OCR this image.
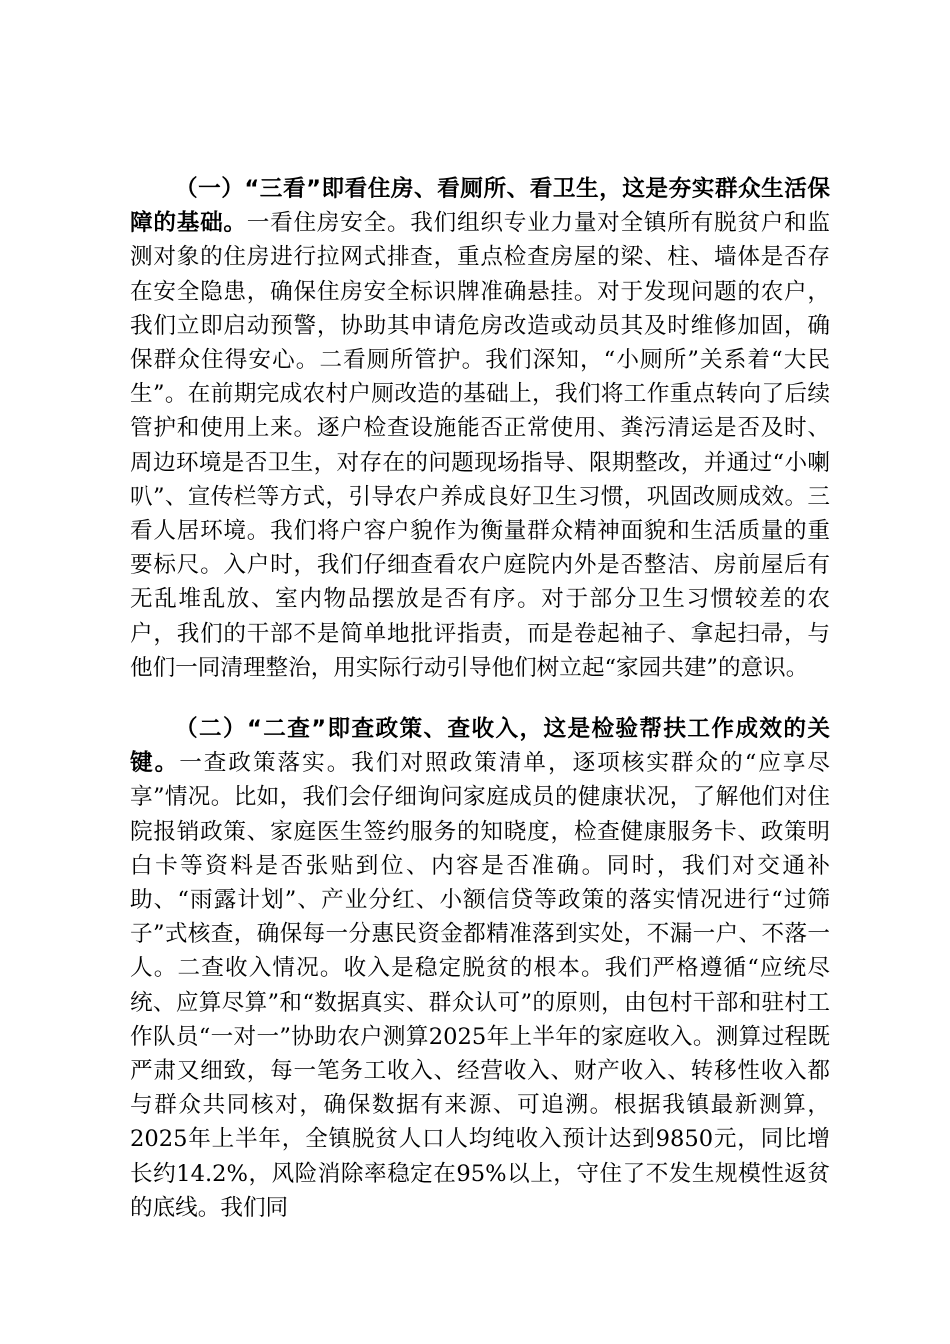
（一）“三看”即看住房、看厕所、看卫生，这是夯实群众生活保障的基础。一看住房安全。我们组织专业力量对全镇所有脱贫户和监测对象的住房进行拉网式排查，重点检查房屋的梁、柱、墙体是否存在安全隐患，确保住房安全标识牌准确悬挂。对于发现问题的农户，我们立即启动预警，协助其申请危房改造或动员其及时维修加固，确保群众住得安心。二看厕所管护。我们深知，“小厕所”关系着“大民生”。在前期完成农村户厕改造的基础上，我们将工作重点转向了后续管护和使用上来。逐户检查设施能否正常使用、粪污清运是否及时、周边环境是否卫生，对存在的问题现场指导、限期整改，并通过“小喇叭”、宣传栏等方式，引导农户养成良好卫生习惯，巩固改厕成效。三看人居环境。我们将户容户貌作为衡量群众精神面貌和生活质量的重要标尺。入户时，我们仔细查看农户庭院内外是否整洁、房前屋后有无乱堆乱放、室内物品摆放是否有序。对于部分卫生习惯较差的农户，我们的干部不是简单地批评指责，而是卷起袖子、拿起扫帚，与他们一同清理整治，用实际行动引导他们树立起“家园共建”的意识。

（二）“二查”即查政策、查收入，这是检验帮扶工作成效的关键。一查政策落实。我们对照政策清单，逐项核实群众的“应享尽享”情况。比如，我们会仔细询问家庭成员的健康状况，了解他们对住院报销政策、家庭医生签约服务的知晓度，检查健康服务卡、政策明白卡等资料是否张贴到位、内容是否准确。同时，我们对交通补助、“雨露计划”、产业分红、小额信贷等政策的落实情况进行“过筛子”式核查，确保每一分惠民资金都精准落到实处，不漏一户、不落一人。二查收入情况。收入是稳定脱贫的根本。我们严格遵循“应统尽统、应算尽算”和“数据真实、群众认可”的原则，由包村干部和驻村工作队员“一对一”协助农户测算2025年上半年的家庭收入。测算过程既严肃又细致，每一笔务工收入、经营收入、财产收入、转移性收入都与群众共同核对，确保数据有来源、可追溯。根据我镇最新测算，2025年上半年，全镇脱贫人口人均纯收入预计达到9850元，同比增长约14.2%，风险消除率稳定在95%以上，守住了不发生规模性返贫的底线。我们同
